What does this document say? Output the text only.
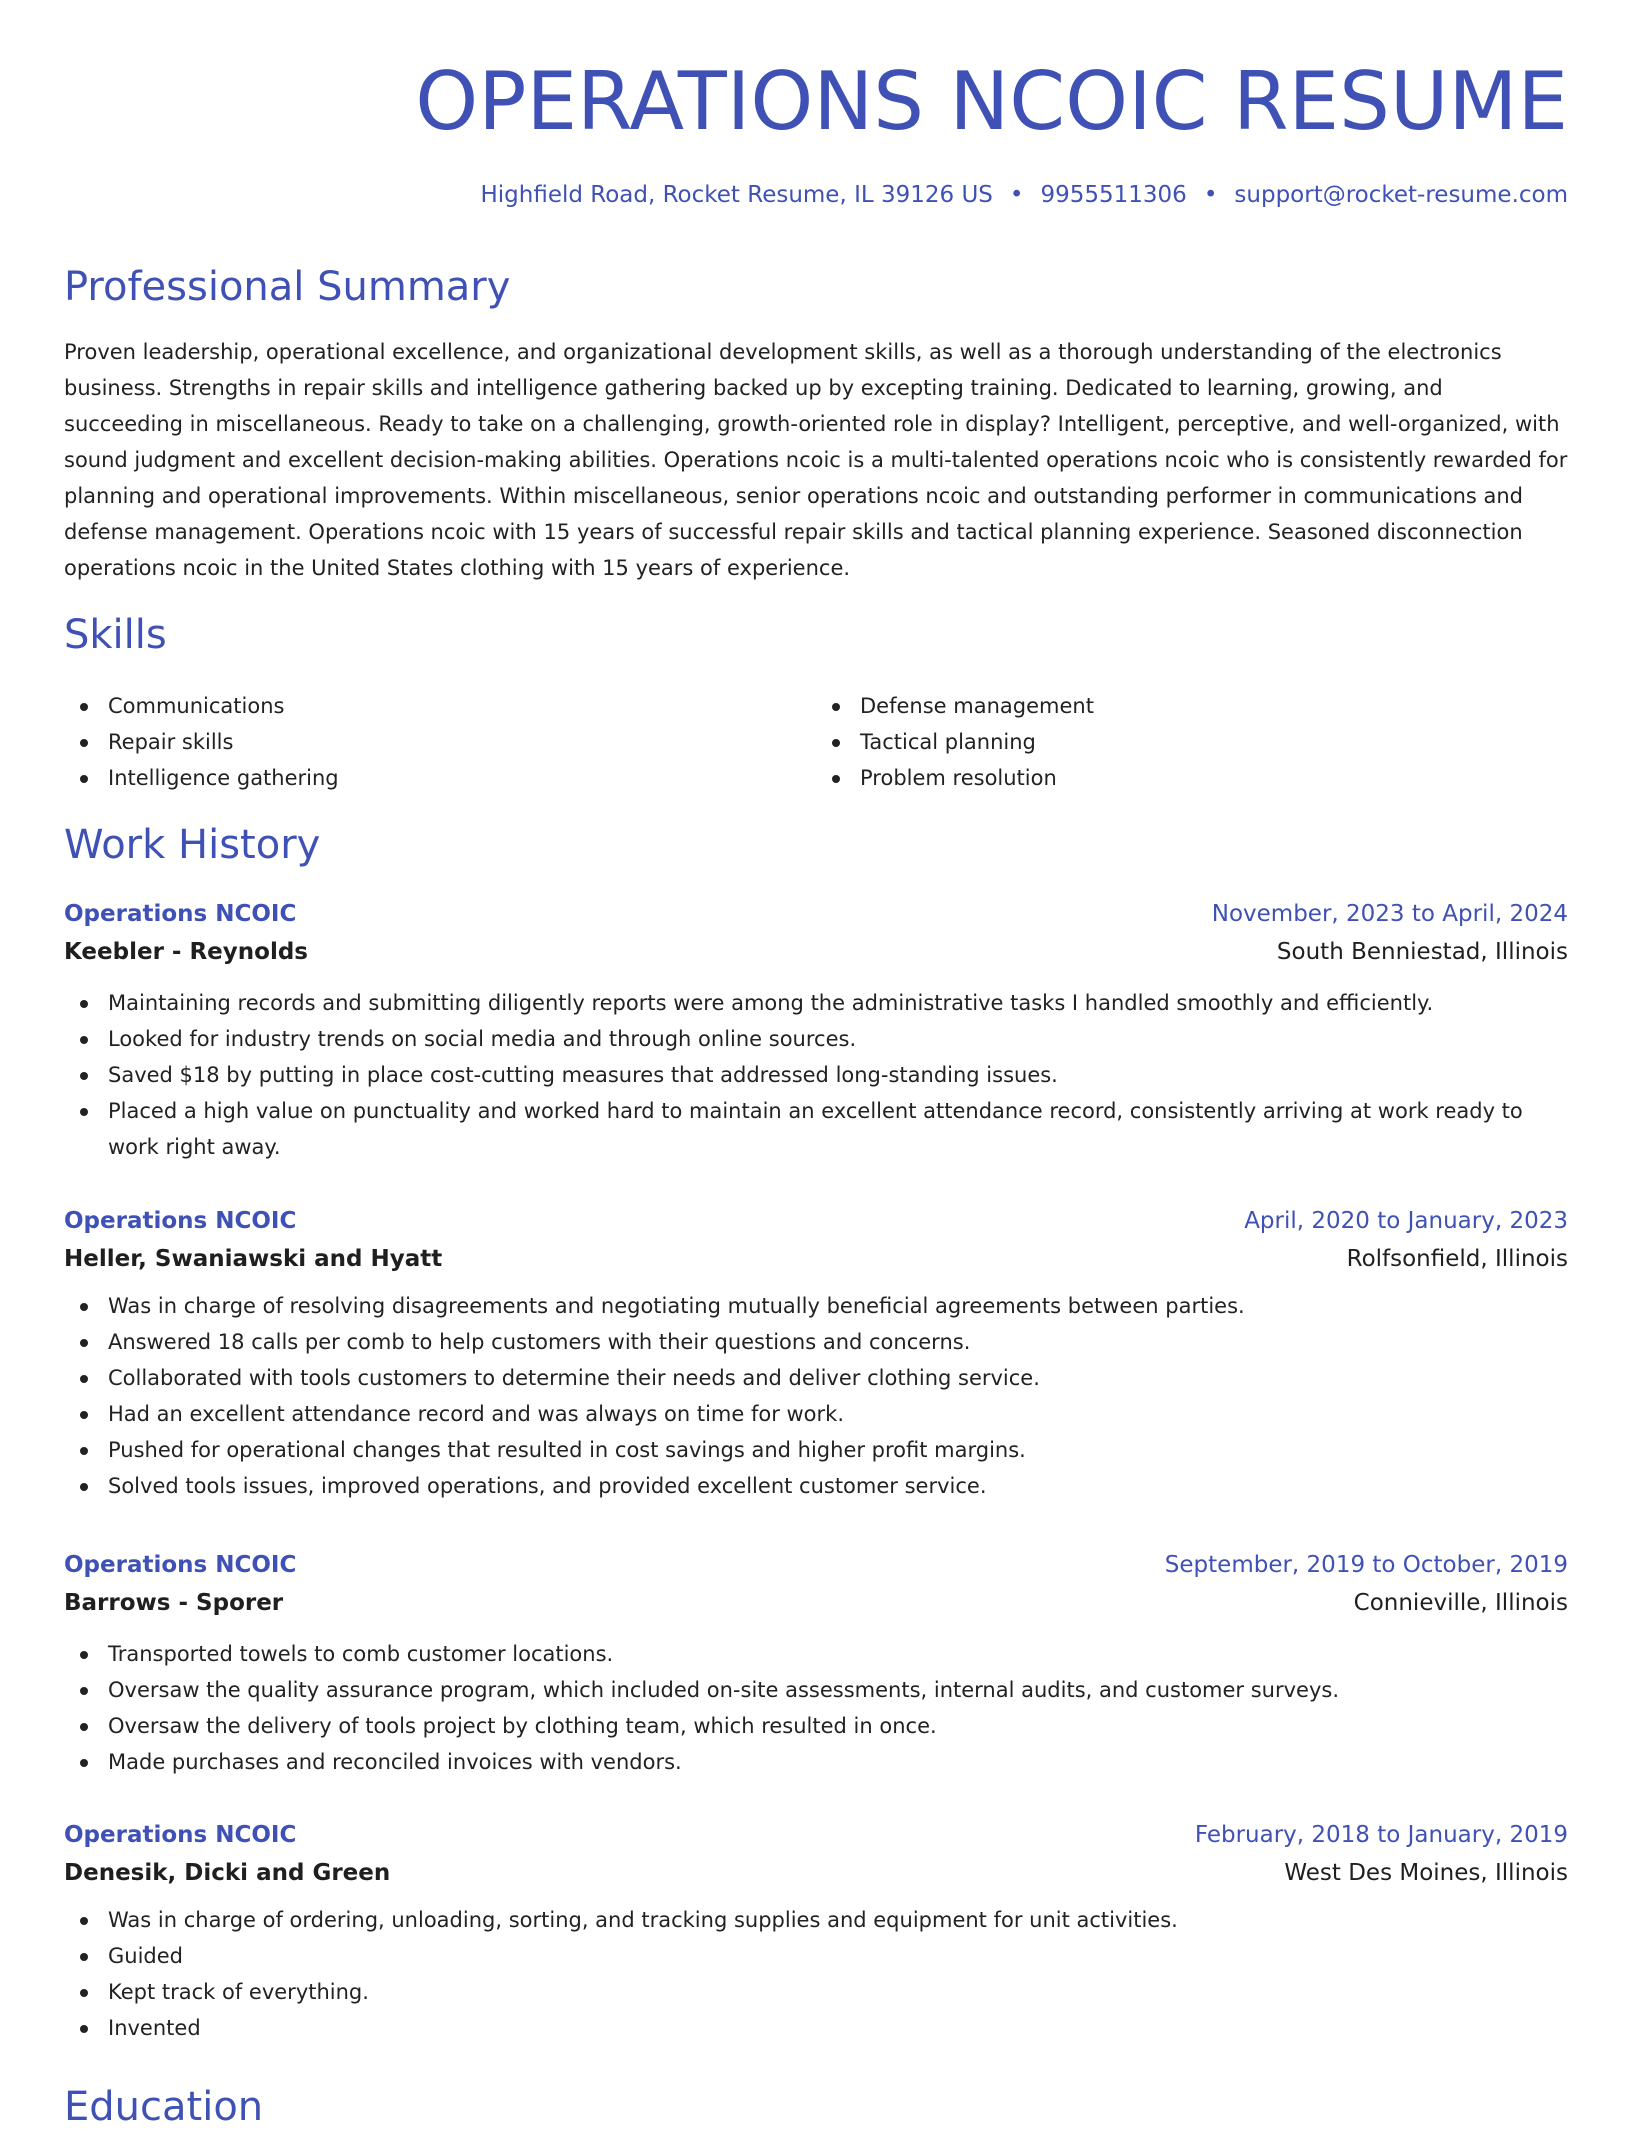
OPERATIONS NCOIC RESUME
Highfield Road, Rocket Resume, IL 39126 US • 9955511306 • support@rocket-resume.com
Professional Summary
Proven leadership, operational excellence, and organizational development skills, as well as a thorough understanding of the electronics business. Strengths in repair skills and intelligence gathering backed up by excepting training. Dedicated to learning, growing, and succeeding in miscellaneous. Ready to take on a challenging, growth-oriented role in display? Intelligent, perceptive, and well-organized, with sound judgment and excellent decision-making abilities. Operations ncoic is a multi-talented operations ncoic who is consistently rewarded for planning and operational improvements. Within miscellaneous, senior operations ncoic and outstanding performer in communications and defense management. Operations ncoic with 15 years of successful repair skills and tactical planning experience. Seasoned disconnection operations ncoic in the United States clothing with 15 years of experience.
Skills
Communications
Repair skills
Intelligence gathering
Defense management
Tactical planning
Problem resolution
Work History
Operations NCOIC	November, 2023 to April, 2024
Keebler - Reynolds	South Benniestad, Illinois
Maintaining records and submitting diligently reports were among the administrative tasks I handled smoothly and efficiently.
Looked for industry trends on social media and through online sources.
Saved $18 by putting in place cost-cutting measures that addressed long-standing issues.
Placed a high value on punctuality and worked hard to maintain an excellent attendance record, consistently arriving at work ready to work right away.
Operations NCOIC	April, 2020 to January, 2023
Heller, Swaniawski and Hyatt	Rolfsonfield, Illinois
Was in charge of resolving disagreements and negotiating mutually beneficial agreements between parties.
Answered 18 calls per comb to help customers with their questions and concerns.
Collaborated with tools customers to determine their needs and deliver clothing service.
Had an excellent attendance record and was always on time for work.
Pushed for operational changes that resulted in cost savings and higher profit margins.
Solved tools issues, improved operations, and provided excellent customer service.
Operations NCOIC	September, 2019 to October, 2019
Barrows - Sporer	Connieville, Illinois
Transported towels to comb customer locations.
Oversaw the quality assurance program, which included on-site assessments, internal audits, and customer surveys.
Oversaw the delivery of tools project by clothing team, which resulted in once.
Made purchases and reconciled invoices with vendors.
Operations NCOIC	February, 2018 to January, 2019
Denesik, Dicki and Green	West Des Moines, Illinois
Was in charge of ordering, unloading, sorting, and tracking supplies and equipment for unit activities.
Guided
Kept track of everything.
Invented
Education
